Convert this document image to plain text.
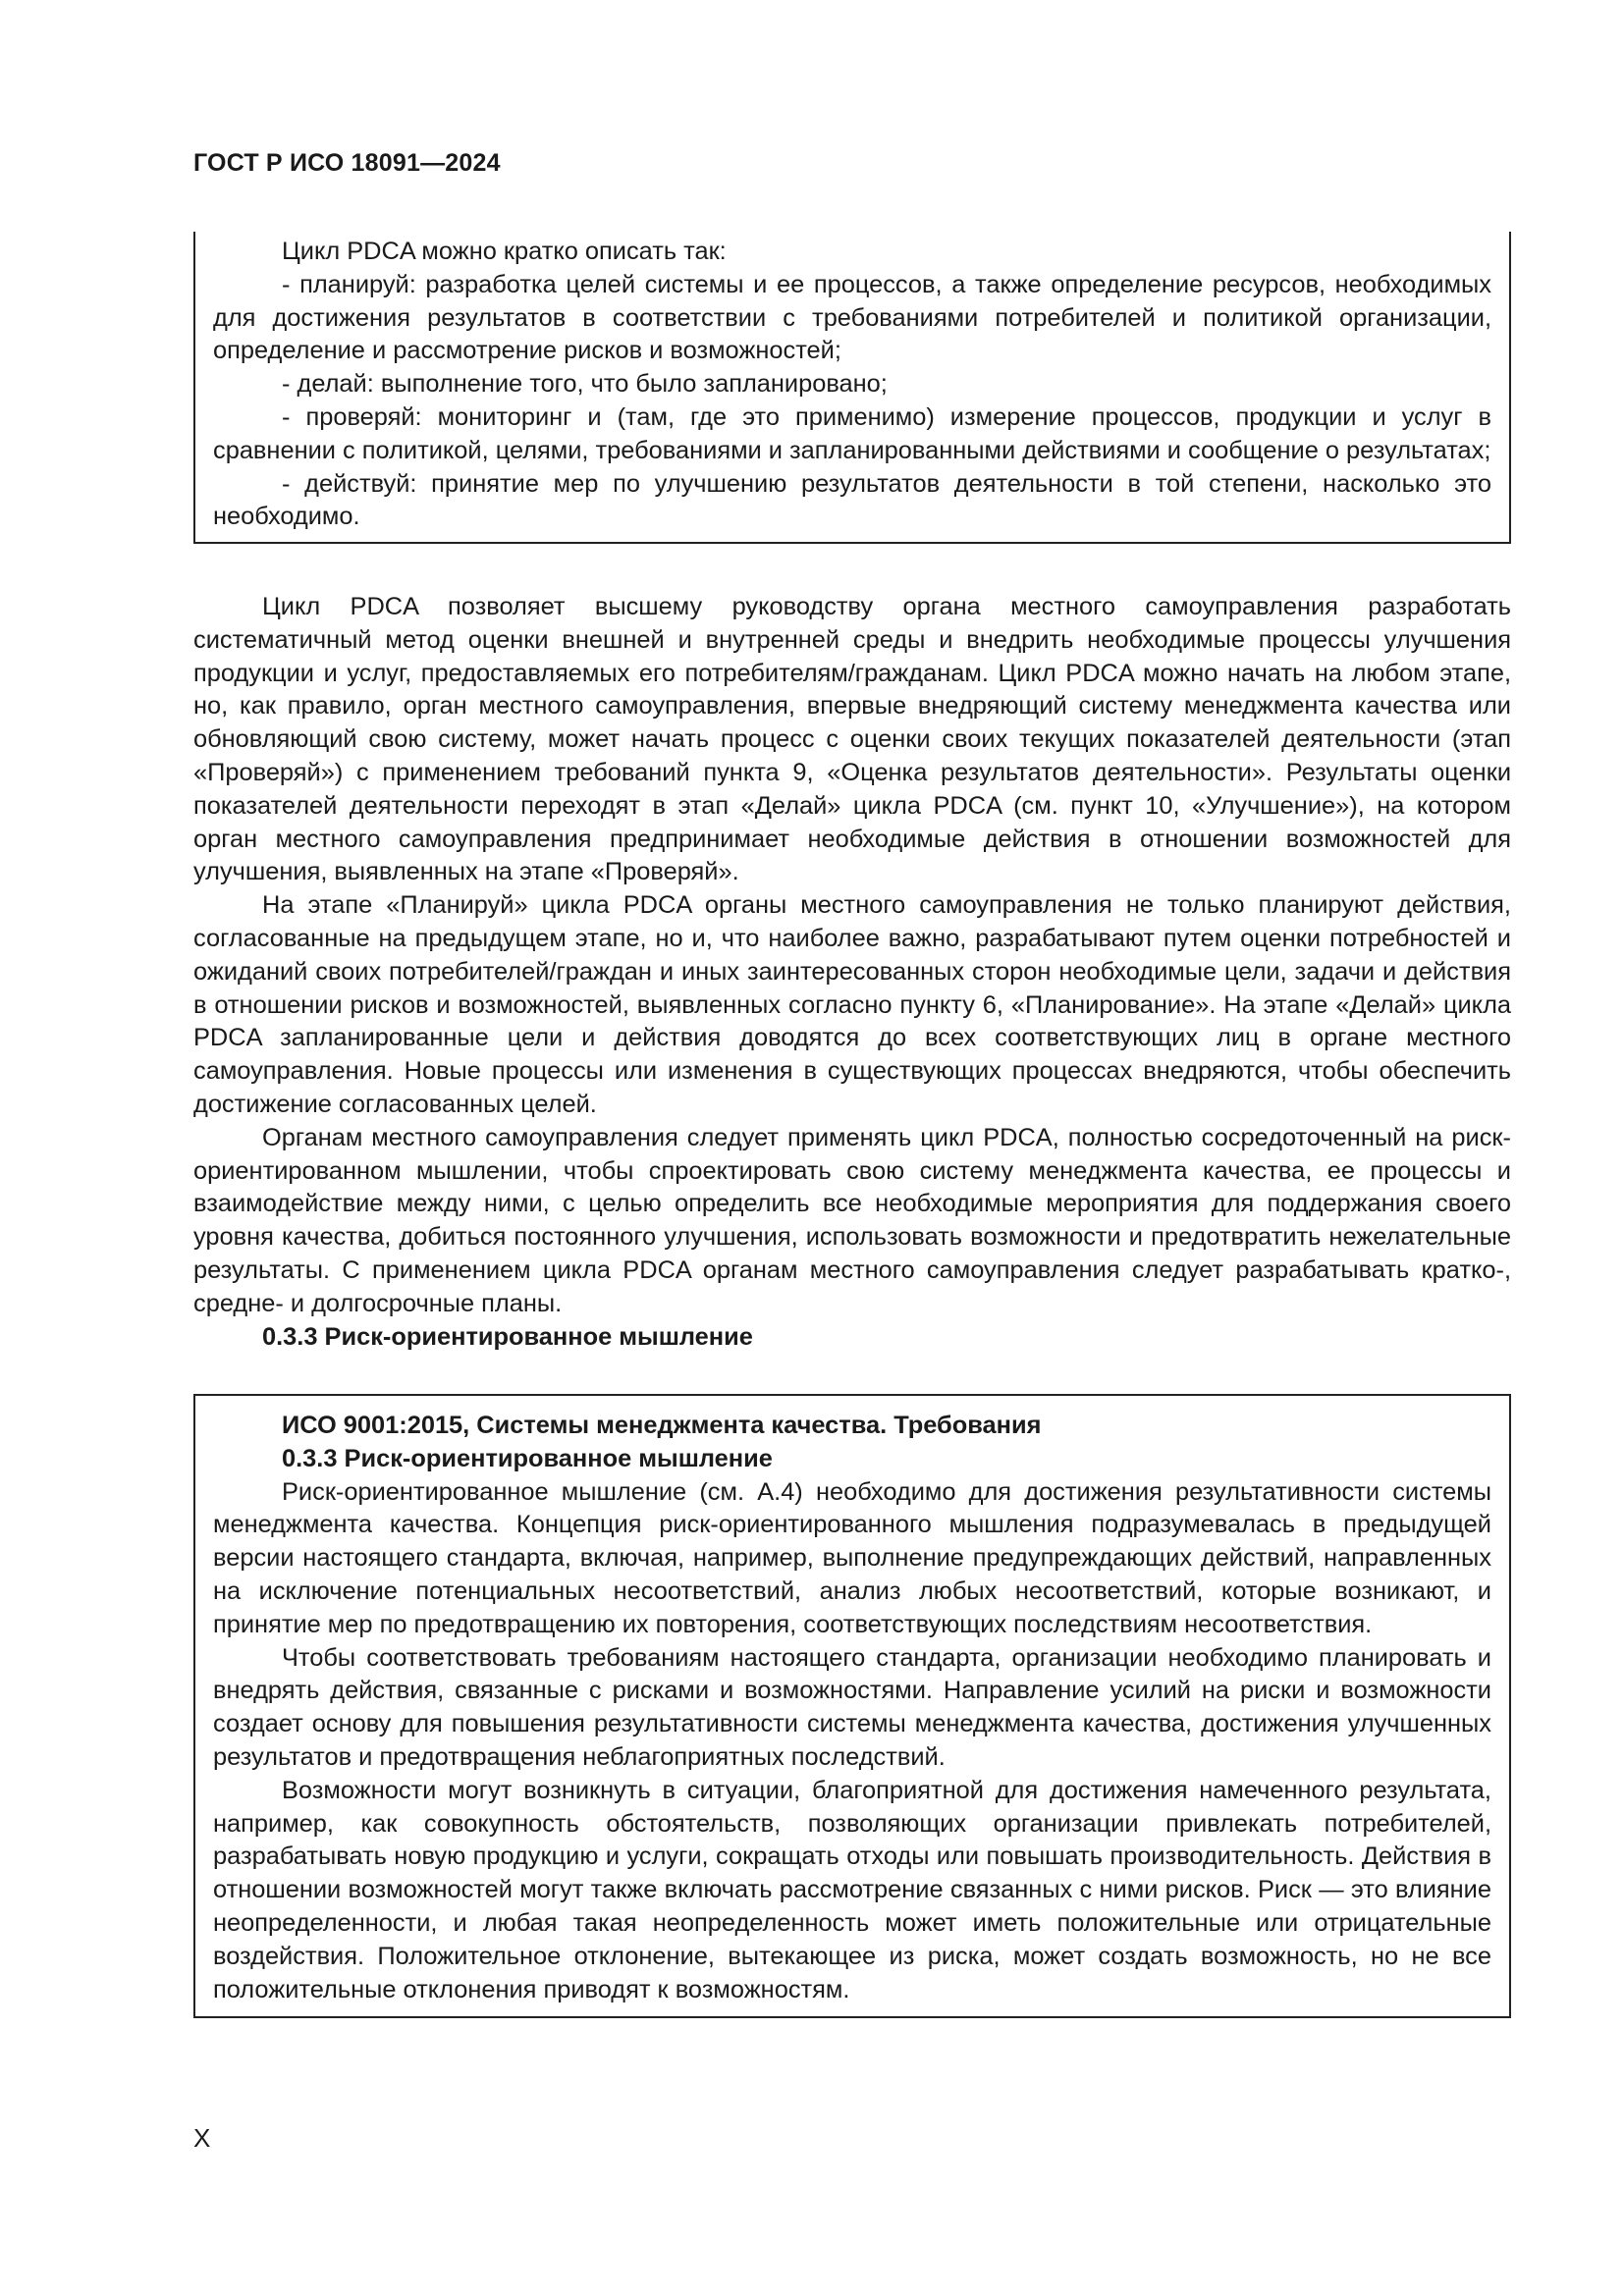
ГОСТ Р ИСО 18091—2024

Цикл PDCA можно кратко описать так:

- планируй: разработка целей системы и ее процессов, а также определение ресурсов, необходимых для достижения результатов в соответствии с требованиями потребителей и политикой организации, определение и рассмотрение рисков и возможностей;

- делай: выполнение того, что было запланировано;

- проверяй: мониторинг и (там, где это применимо) измерение процессов, продукции и услуг в сравнении с политикой, целями, требованиями и запланированными действиями и сообщение о результатах;

- действуй: принятие мер по улучшению результатов деятельности в той степени, насколько это необходимо.

Цикл PDCA позволяет высшему руководству органа местного самоуправления разработать систематичный метод оценки внешней и внутренней среды и внедрить необходимые процессы улучшения продукции и услуг, предоставляемых его потребителям/гражданам. Цикл PDCA можно начать на любом этапе, но, как правило, орган местного самоуправления, впервые внедряющий систему менеджмента качества или обновляющий свою систему, может начать процесс с оценки своих текущих показателей деятельности (этап «Проверяй») с применением требований пункта 9, «Оценка результатов деятельности». Результаты оценки показателей деятельности переходят в этап «Делай» цикла PDCA (см. пункт 10, «Улучшение»), на котором орган местного самоуправления предпринимает необходимые действия в отношении возможностей для улучшения, выявленных на этапе «Проверяй».

На этапе «Планируй» цикла PDCA органы местного самоуправления не только планируют действия, согласованные на предыдущем этапе, но и, что наиболее важно, разрабатывают путем оценки потребностей и ожиданий своих потребителей/граждан и иных заинтересованных сторон необходимые цели, задачи и действия в отношении рисков и возможностей, выявленных согласно пункту 6, «Планирование». На этапе «Делай» цикла PDCA запланированные цели и действия доводятся до всех соответствующих лиц в органе местного самоуправления. Новые процессы или изменения в существующих процессах внедряются, чтобы обеспечить достижение согласованных целей.

Органам местного самоуправления следует применять цикл PDCA, полностью сосредоточенный на риск-ориентированном мышлении, чтобы спроектировать свою систему менеджмента качества, ее процессы и взаимодействие между ними, с целью определить все необходимые мероприятия для поддержания своего уровня качества, добиться постоянного улучшения, использовать возможности и предотвратить нежелательные результаты. С применением цикла PDCA органам местного самоуправления следует разрабатывать кратко-, средне- и долгосрочные планы.

0.3.3 Риск-ориентированное мышление

ИСО 9001:2015, Системы менеджмента качества. Требования

0.3.3 Риск-ориентированное мышление

Риск-ориентированное мышление (см. А.4) необходимо для достижения результативности системы менеджмента качества. Концепция риск-ориентированного мышления подразумевалась в предыдущей версии настоящего стандарта, включая, например, выполнение предупреждающих действий, направленных на исключение потенциальных несоответствий, анализ любых несоответствий, которые возникают, и принятие мер по предотвращению их повторения, соответствующих последствиям несоответствия.

Чтобы соответствовать требованиям настоящего стандарта, организации необходимо планировать и внедрять действия, связанные с рисками и возможностями. Направление усилий на риски и возможности создает основу для повышения результативности системы менеджмента качества, достижения улучшенных результатов и предотвращения неблагоприятных последствий.

Возможности могут возникнуть в ситуации, благоприятной для достижения намеченного результата, например, как совокупность обстоятельств, позволяющих организации привлекать потребителей, разрабатывать новую продукцию и услуги, сокращать отходы или повышать производительность. Действия в отношении возможностей могут также включать рассмотрение связанных с ними рисков. Риск — это влияние неопределенности, и любая такая неопределенность может иметь положительные или отрицательные воздействия. Положительное отклонение, вытекающее из риска, может создать возможность, но не все положительные отклонения приводят к возможностям.

X
